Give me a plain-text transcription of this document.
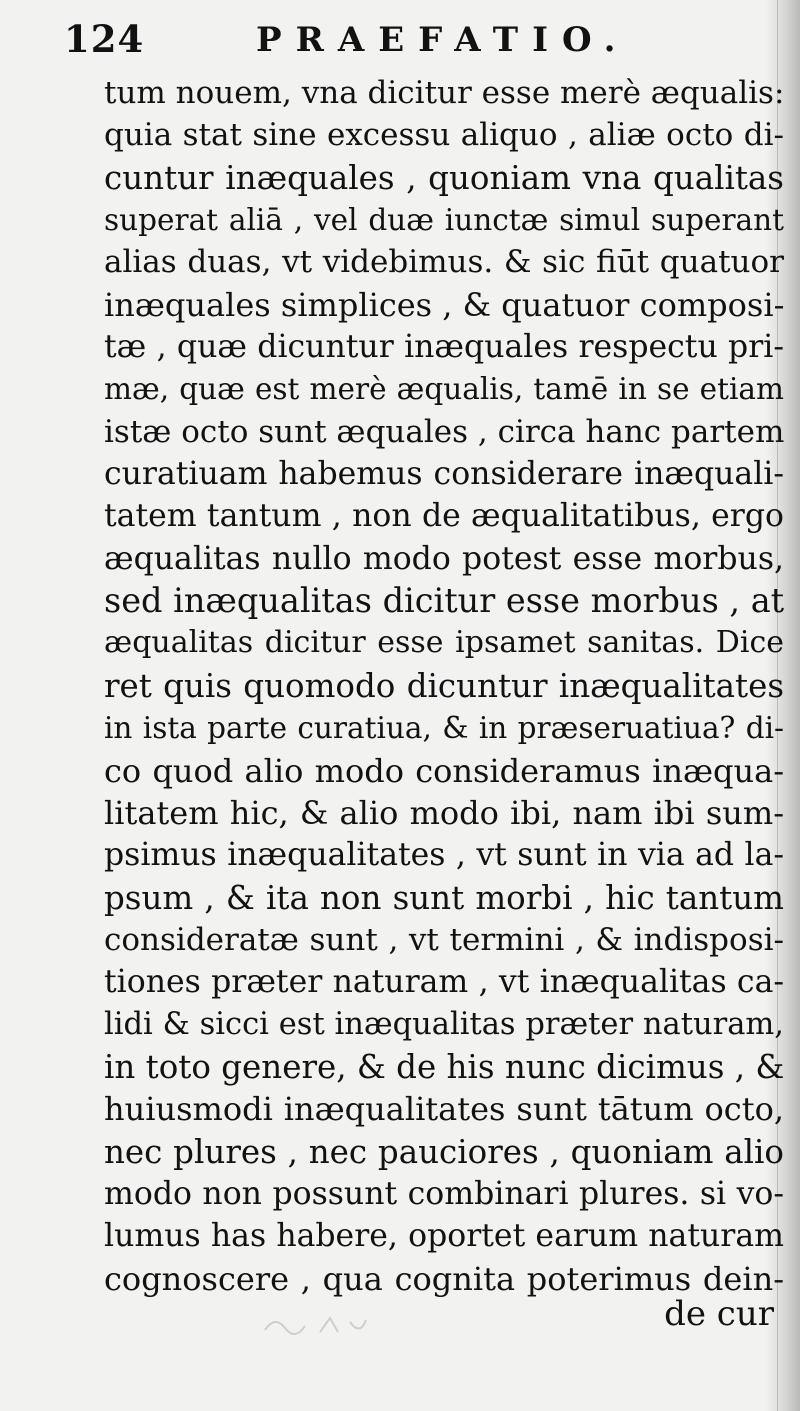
124	PRAEFATIO.
tum nouem, vna dicitur esse merè æqualis:
quia stat sine excessu aliquo , aliæ octo di-
cuntur inæquales , quoniam vna qualitas
superat aliā , vel duæ iunctæ simul superant
alias duas, vt videbimus. & sic fiūt quatuor
inæquales simplices , & quatuor composi-
tæ , quæ dicuntur inæquales respectu pri-
mæ, quæ est merè æqualis, tamē in se etiam
istæ octo sunt æquales , circa hanc partem
curatiuam habemus considerare inæquali-
tatem tantum , non de æqualitatibus, ergo
æqualitas nullo modo potest esse morbus,
sed inæqualitas dicitur esse morbus , at
æqualitas dicitur esse ipsamet sanitas. Dice
ret quis quomodo dicuntur inæqualitates
in ista parte curatiua, & in præseruatiua? di-
co quod alio modo consideramus inæqua-
litatem hic, & alio modo ibi, nam ibi sum-
psimus inæqualitates , vt sunt in via ad la-
psum , & ita non sunt morbi , hic tantum
consideratæ sunt , vt termini , & indisposi-
tiones præter naturam , vt inæqualitas ca-
lidi & sicci est inæqualitas præter naturam,
in toto genere, & de his nunc dicimus , &
huiusmodi inæqualitates sunt tātum octo,
nec plures , nec pauciores , quoniam alio
modo non possunt combinari plures. si vo-
lumus has habere, oportet earum naturam
cognoscere , qua cognita poterimus dein-
de cur
